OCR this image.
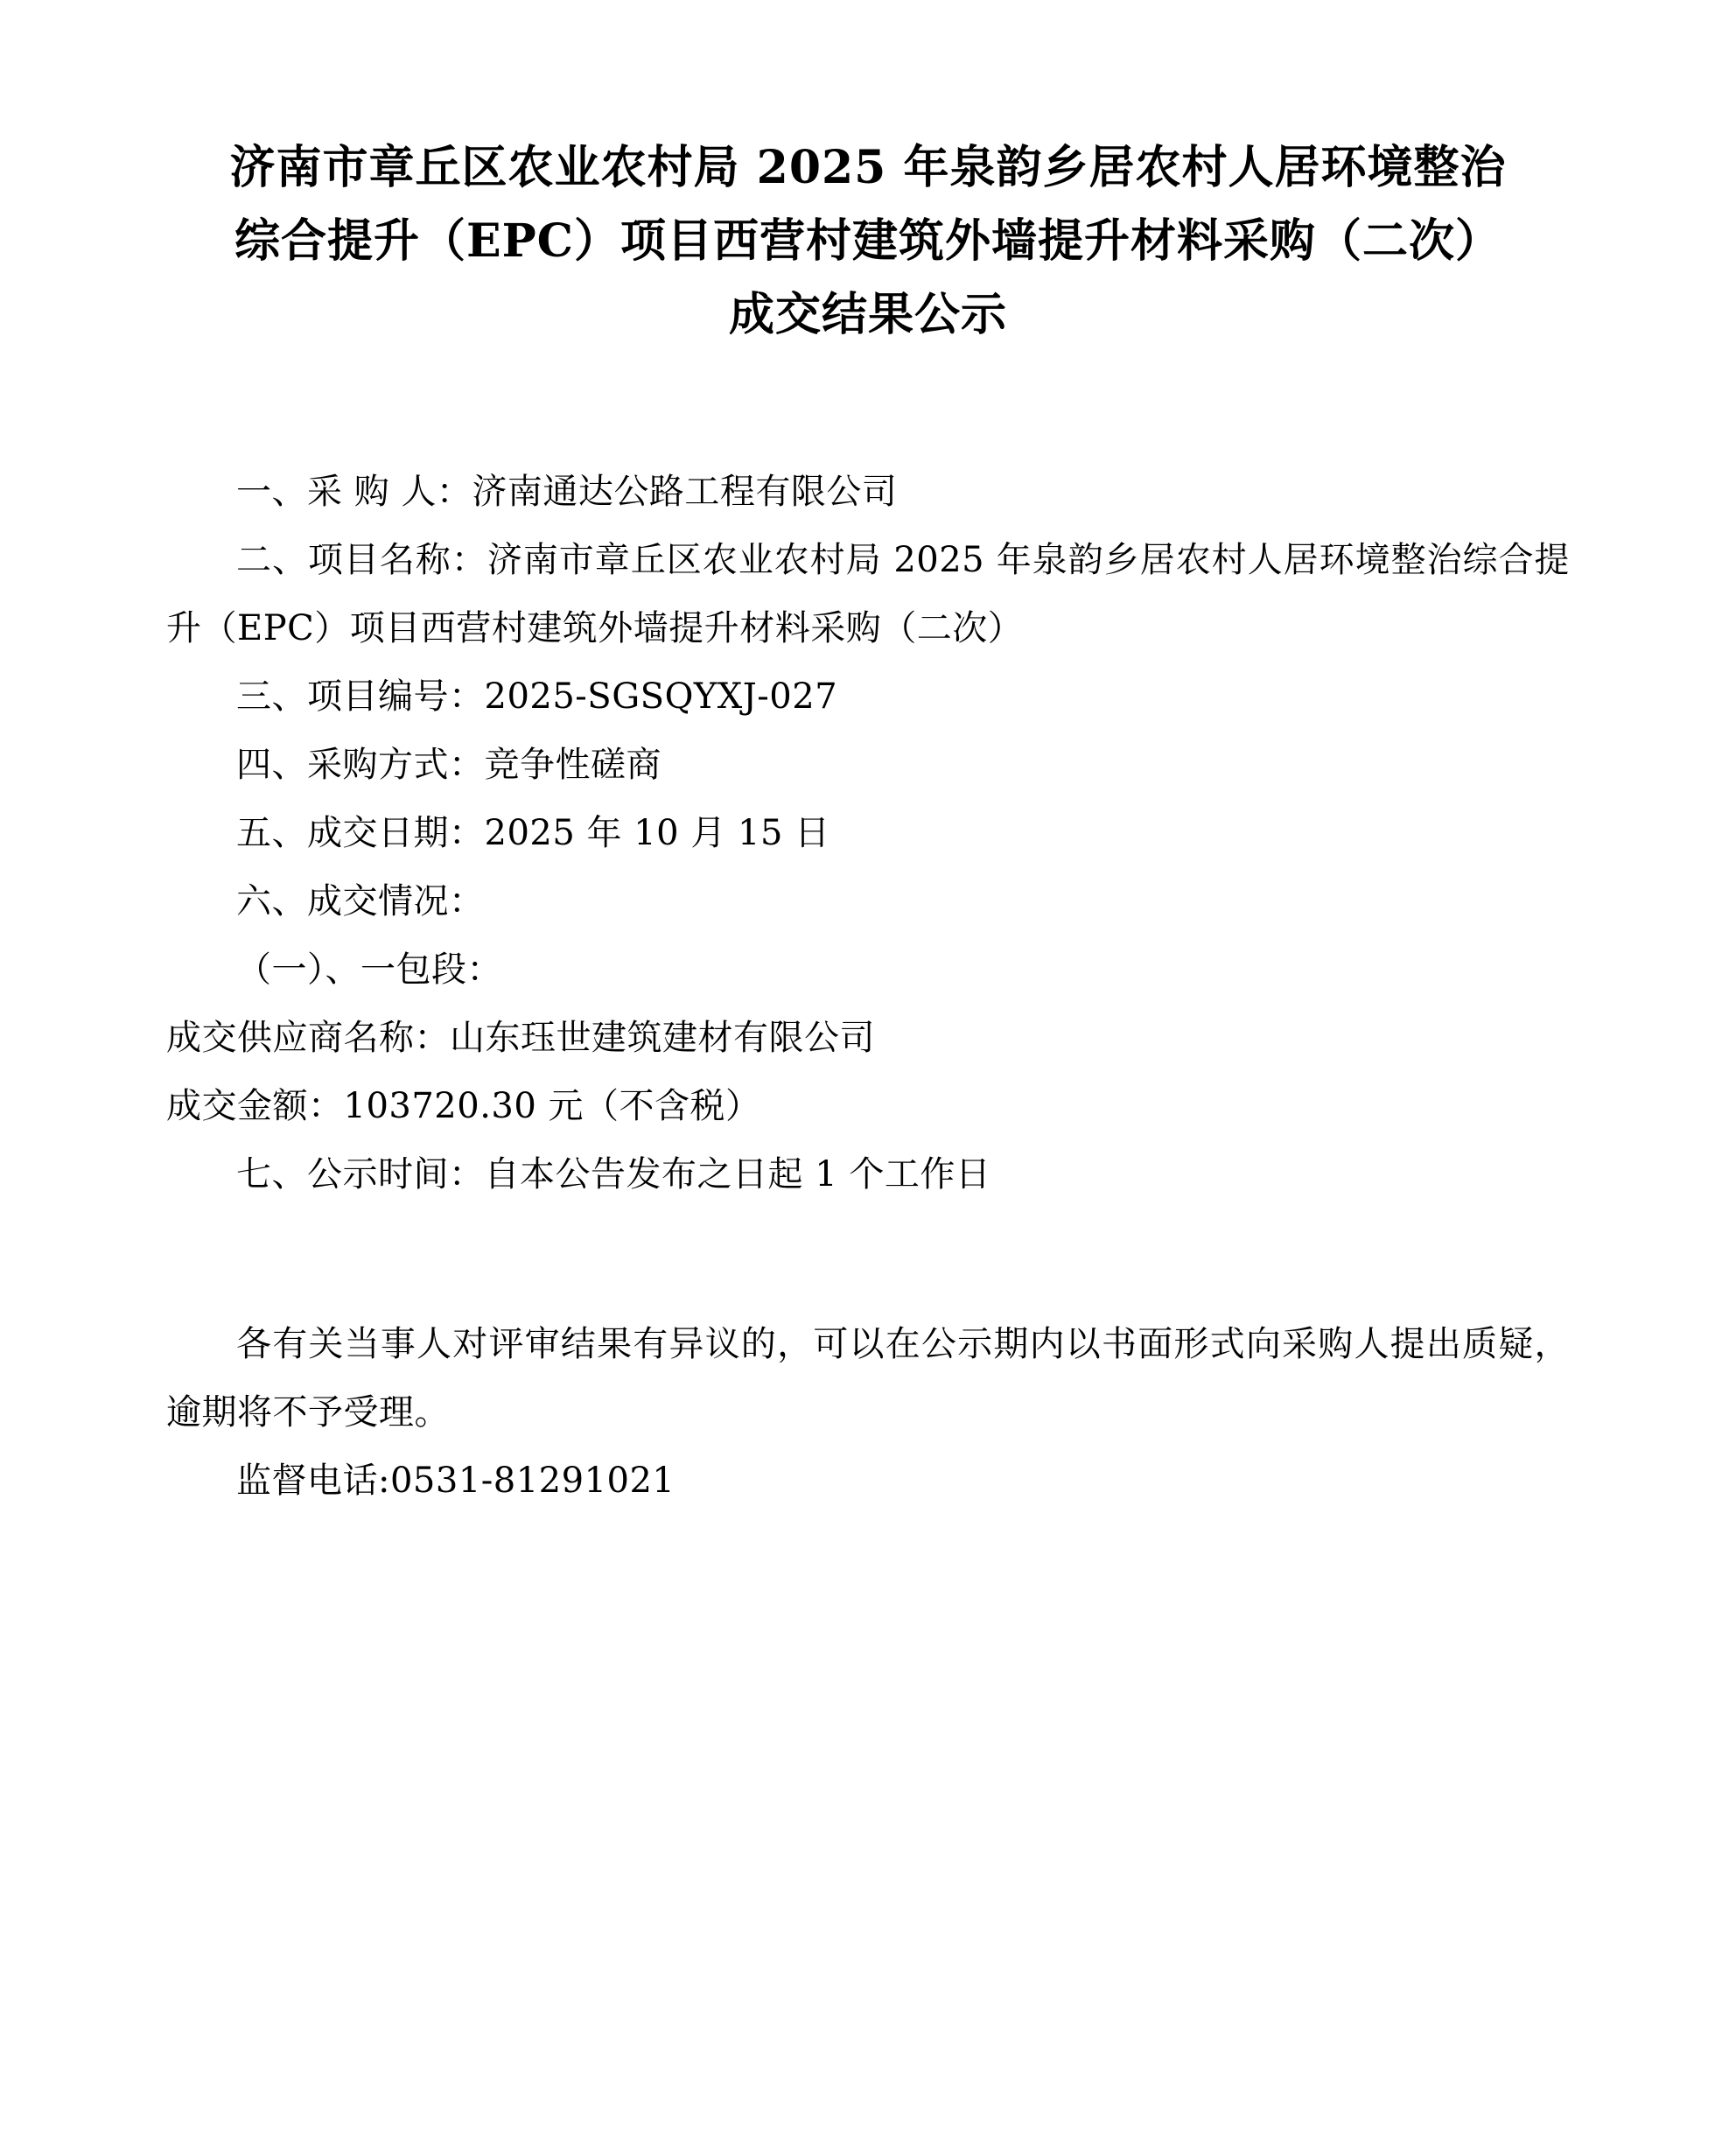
济南市章丘区农业农村局 2025 年泉韵乡居农村人居环境整治
综合提升（EPC）项目西营村建筑外墙提升材料采购（二次）
成交结果公示

一、采 购 人：济南通达公路工程有限公司

二、项目名称：济南市章丘区农业农村局 2025 年泉韵乡居农村人居环境整治综合提升（EPC）项目西营村建筑外墙提升材料采购（二次）

三、项目编号：2025-SGSQYXJ-027

四、采购方式：竞争性磋商

五、成交日期：2025 年 10 月 15 日

六、成交情况：

（一）、一包段：

成交供应商名称：山东珏世建筑建材有限公司

成交金额：103720.30 元（不含税）

七、公示时间：自本公告发布之日起 1 个工作日

各有关当事人对评审结果有异议的，可以在公示期内以书面形式向采购人提出质疑，逾期将不予受理。

监督电话:0531-81291021
